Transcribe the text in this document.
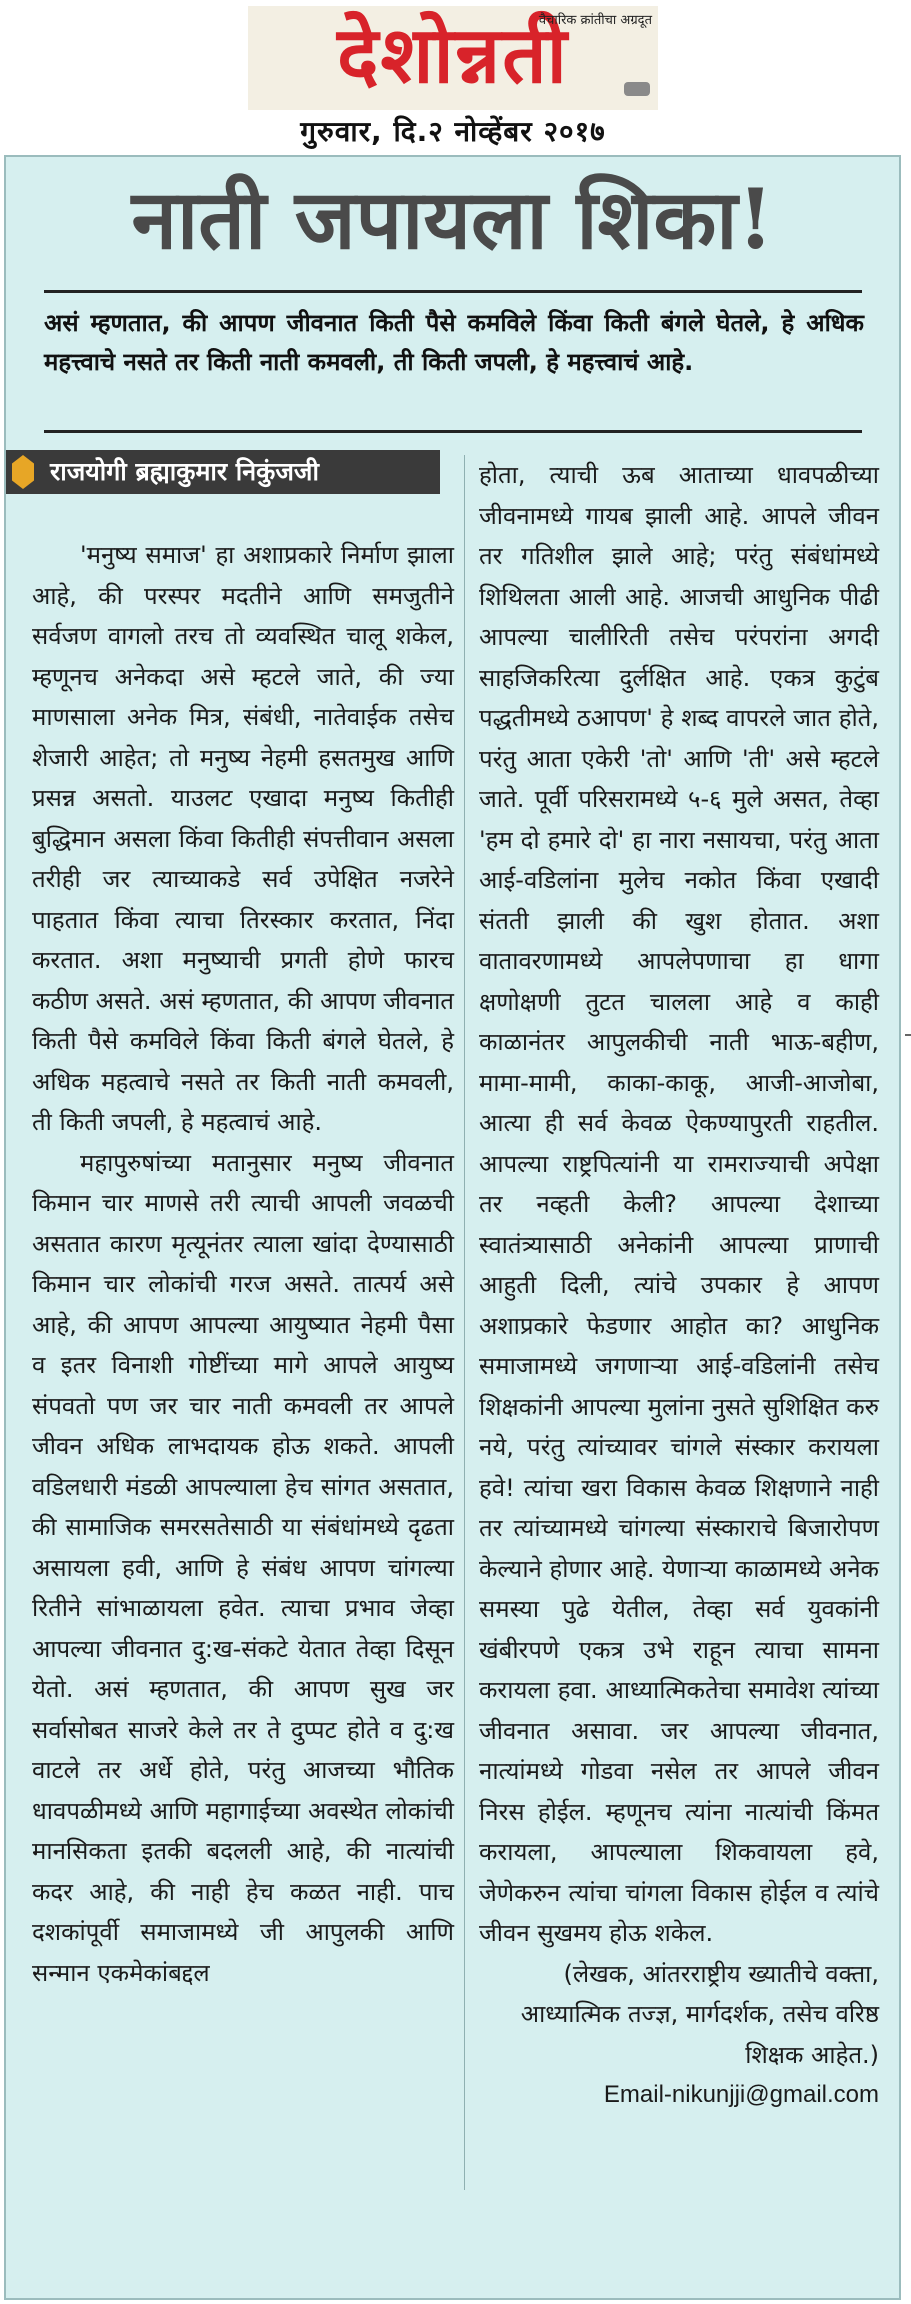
देशोन्नती
वैचारिक क्रांतीचा अग्रदूत
गुरुवार, दि.२ नोव्हेंबर २०१७
नाती जपायला शिका!
असं म्हणतात, की आपण जीवनात किती पैसे कमविले किंवा किती बंगले घेतले, हे अधिक महत्त्वाचे नसते तर किती नाती कमवली, ती किती जपली, हे महत्त्वाचं आहे.
राजयोगी ब्रह्माकुमार निकुंजजी

'मनुष्य समाज' हा अशाप्रकारे निर्माण झाला आहे, की परस्पर मदतीने आणि समजुतीने सर्वजण वागलो तरच तो व्यवस्थित चालू शकेल, म्हणूनच अनेकदा असे म्हटले जाते, की ज्या माणसाला अनेक मित्र, संबंधी, नातेवाईक तसेच शेजारी आहेत; तो मनुष्य नेहमी हसतमुख आणि प्रसन्न असतो. याउलट एखादा मनुष्य कितीही बुद्धिमान असला किंवा कितीही संपत्तीवान असला तरीही जर त्याच्याकडे सर्व उपेक्षित नजरेने पाहतात किंवा त्याचा तिरस्कार करतात, निंदा करतात. अशा मनुष्याची प्रगती होणे फारच कठीण असते. असं म्हणतात, की आपण जीवनात किती पैसे कमविले किंवा किती बंगले घेतले, हे अधिक महत्वाचे नसते तर किती नाती कमवली, ती किती जपली, हे महत्वाचं आहे.

महापुरुषांच्या मतानुसार मनुष्य जीवनात किमान चार माणसे तरी त्याची आपली जवळची असतात कारण मृत्यूनंतर त्याला खांदा देण्यासाठी किमान चार लोकांची गरज असते. तात्पर्य असे आहे, की आपण आपल्या आयुष्यात नेहमी पैसा व इतर विनाशी गोष्टींच्या मागे आपले आयुष्य संपवतो पण जर चार नाती कमवली तर आपले जीवन अधिक लाभदायक होऊ शकते. आपली वडिलधारी मंडळी आपल्याला हेच सांगत असतात, की सामाजिक समरसतेसाठी या संबंधांमध्ये दृढता असायला हवी, आणि हे संबंध आपण चांगल्या रितीने सांभाळायला हवेत. त्याचा प्रभाव जेव्हा आपल्या जीवनात दु:ख-संकटे येतात तेव्हा दिसून येतो. असं म्हणतात, की आपण सुख जर सर्वासोबत साजरे केले तर ते दुप्पट होते व दु:ख वाटले तर अर्धे होते, परंतु आजच्या भौतिक धावपळीमध्ये आणि महागाईच्या अवस्थेत लोकांची मानसिकता इतकी बदलली आहे, की नात्यांची कदर आहे, की नाही हेच कळत नाही. पाच दशकांपूर्वी समाजामध्ये जी आपुलकी आणि सन्मान एकमेकांबद्दल

होता, त्याची ऊब आताच्या धावपळीच्या जीवनामध्ये गायब झाली आहे. आपले जीवन तर गतिशील झाले आहे; परंतु संबंधांमध्ये शिथिलता आली आहे. आजची आधुनिक पीढी आपल्या चालीरिती तसेच परंपरांना अगदी साहजिकरित्या दुर्लक्षित आहे. एकत्र कुटुंब पद्धतीमध्ये ठआपण' हे शब्द वापरले जात होते, परंतु आता एकेरी 'तो' आणि 'ती' असे म्हटले जाते. पूर्वी परिसरामध्ये ५-६ मुले असत, तेव्हा 'हम दो हमारे दो' हा नारा नसायचा, परंतु आता आई-वडिलांना मुलेच नकोत किंवा एखादी संतती झाली की खुश होतात. अशा वातावरणामध्ये आपलेपणाचा हा धागा क्षणोक्षणी तुटत चालला आहे व काही काळानंतर आपुलकीची नाती भाऊ-बहीण, मामा-मामी, काका-काकू, आजी-आजोबा, आत्या ही सर्व केवळ ऐकण्यापुरती राहतील. आपल्या राष्ट्रपित्यांनी या रामराज्याची अपेक्षा तर नव्हती केली? आपल्या देशाच्या स्वातंत्र्यासाठी अनेकांनी आपल्या प्राणाची आहुती दिली, त्यांचे उपकार हे आपण अशाप्रकारे फेडणार आहोत का? आधुनिक समाजामध्ये जगणाऱ्या आई-वडिलांनी तसेच शिक्षकांनी आपल्या मुलांना नुसते सुशिक्षित करु नये, परंतु त्यांच्यावर चांगले संस्कार करायला हवे! त्यांचा खरा विकास केवळ शिक्षणाने नाही तर त्यांच्यामध्ये चांगल्या संस्काराचे बिजारोपण केल्याने होणार आहे. येणाऱ्या काळामध्ये अनेक समस्या पुढे येतील, तेव्हा सर्व युवकांनी खंबीरपणे एकत्र उभे राहून त्याचा सामना करायला हवा. आध्यात्मिकतेचा समावेश त्यांच्या जीवनात असावा. जर आपल्या जीवनात, नात्यांमध्ये गोडवा नसेल तर आपले जीवन निरस होईल. म्हणूनच त्यांना नात्यांची किंमत करायला, आपल्याला शिकवायला हवे, जेणेकरुन त्यांचा चांगला विकास होईल व त्यांचे जीवन सुखमय होऊ शकेल.

(लेखक, आंतरराष्ट्रीय ख्यातीचे वक्ता, आध्यात्मिक तज्ज्ञ, मार्गदर्शक, तसेच वरिष्ठ शिक्षक आहेत.)

Email-nikunjji@gmail.com
